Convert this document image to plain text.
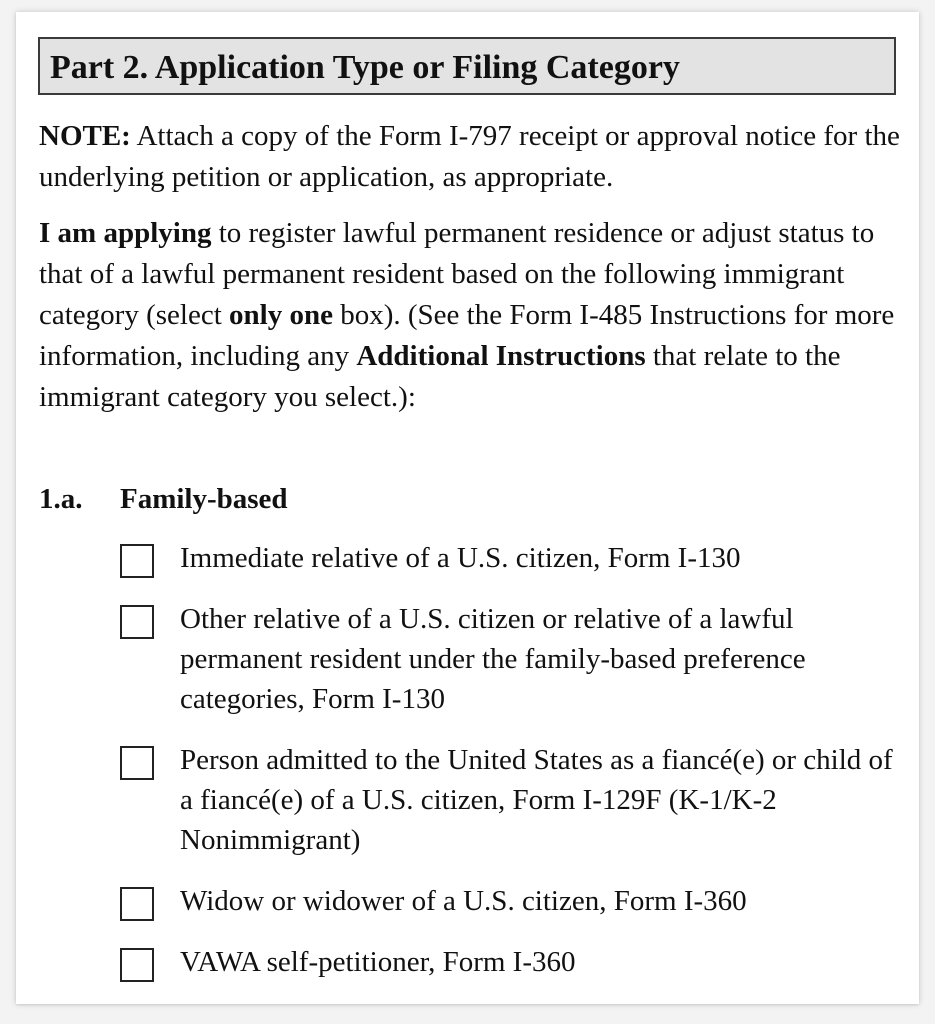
Part 2. Application Type or Filing Category
NOTE: Attach a copy of the Form I-797 receipt or approval notice for the underlying petition or application, as appropriate.
I am applying to register lawful permanent residence or adjust status to that of a lawful permanent resident based on the following immigrant category (select only one box). (See the Form I-485 Instructions for more information, including any Additional Instructions that relate to the immigrant category you select.):
1.a. Family-based
Immediate relative of a U.S. citizen, Form I-130
Other relative of a U.S. citizen or relative of a lawful permanent resident under the family-based preference categories, Form I-130
Person admitted to the United States as a fiancé(e) or child of a fiancé(e) of a U.S. citizen, Form I-129F (K-1/K-2 Nonimmigrant)
Widow or widower of a U.S. citizen, Form I-360
VAWA self-petitioner, Form I-360
